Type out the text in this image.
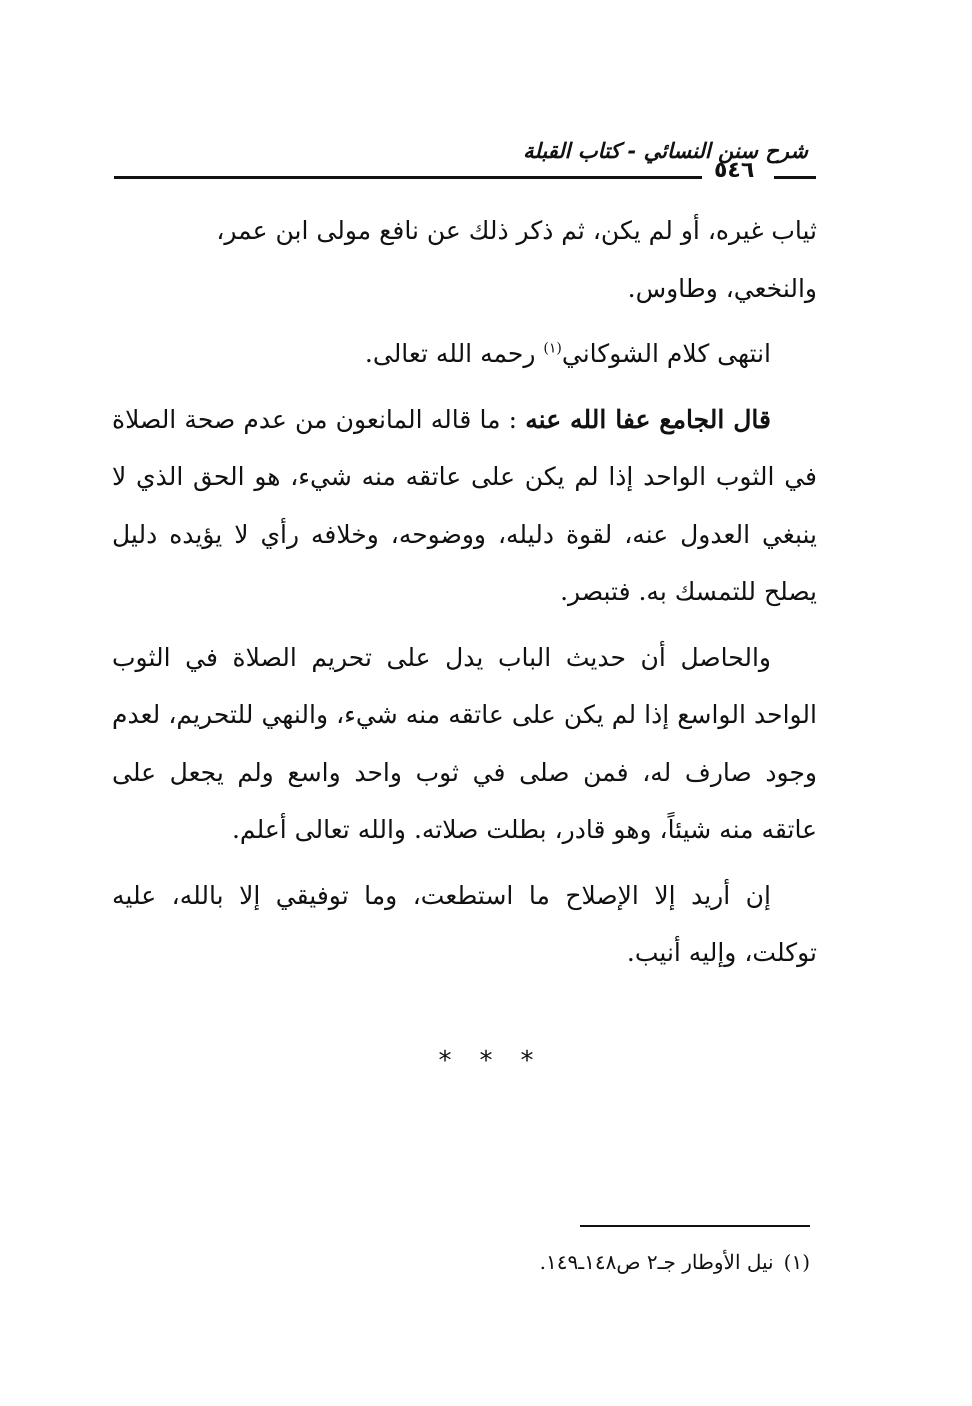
شرح سنن النسائي - كتاب القبلة
٥٤٦

ثياب غيره، أو لم يكن، ثم ذكر ذلك عن نافع مولى ابن عمر،
والنخعي، وطاوس.

انتهى كلام الشوكاني$^{(١)}$ رحمه الله تعالى.

قال الجامع عفا الله عنه : ما قاله المانعون من عدم صحة الصلاة في الثوب الواحد إذا لم يكن على عاتقه منه شيء، هو الحق الذي لا ينبغي العدول عنه، لقوة دليله، ووضوحه، وخلافه رأي لا يؤيده دليل يصلح للتمسك به. فتبصر.

والحاصل أن حديث الباب يدل على تحريم الصلاة في الثوب الواحد الواسع إذا لم يكن على عاتقه منه شيء، والنهي للتحريم، لعدم وجود صارف له، فمن صلى في ثوب واحد واسع ولم يجعل على عاتقه منه شيئاً، وهو قادر، بطلت صلاته. والله تعالى أعلم.

إن أريد إلا الإصلاح ما استطعت، وما توفيقي إلا بالله، عليه توكلت، وإليه أنيب.

***
(١)نيل الأوطار جـ٢ ص١٤٨ـ١٤٩.
